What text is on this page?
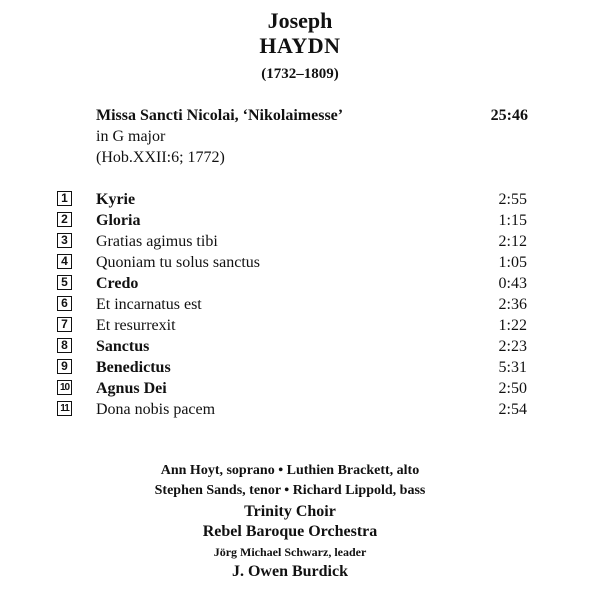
Joseph
HAYDN
(1732–1809)
Missa Sancti Nicolai, ‘Nikolaimesse’	25:46
in G major
(Hob.XXII:6; 1772)
1 Kyrie	2:55
2 Gloria	1:15
3 Gratias agimus tibi	2:12
4 Quoniam tu solus sanctus	1:05
5 Credo	0:43
6 Et incarnatus est	2:36
7 Et resurrexit	1:22
8 Sanctus	2:23
9 Benedictus	5:31
10 Agnus Dei	2:50
11 Dona nobis pacem	2:54
Ann Hoyt, soprano • Luthien Brackett, alto
Stephen Sands, tenor • Richard Lippold, bass
Trinity Choir
Rebel Baroque Orchestra
Jörg Michael Schwarz, leader
J. Owen Burdick
